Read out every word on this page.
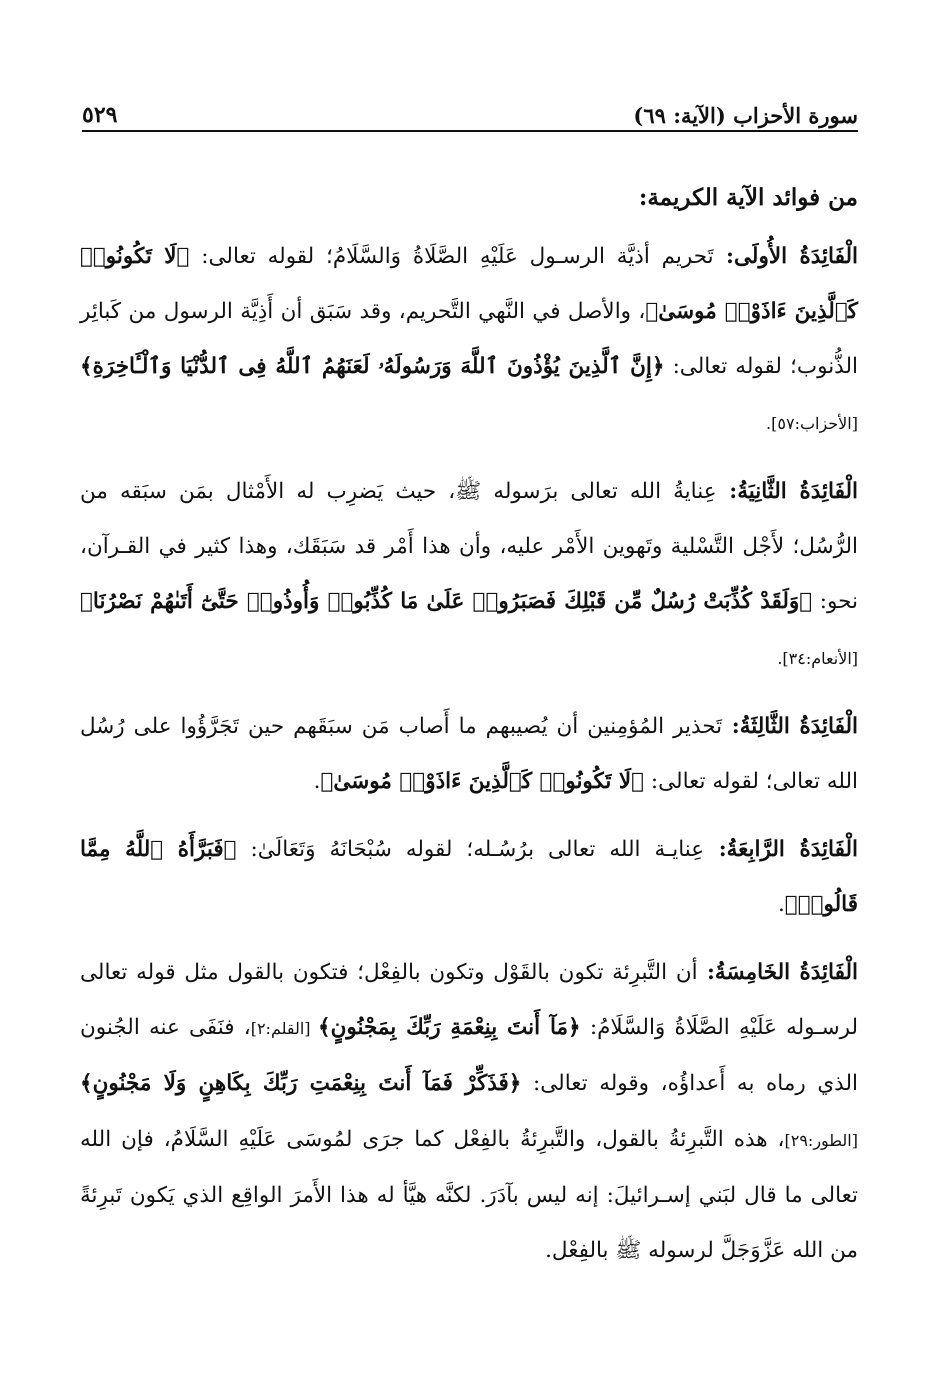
سورة الأحزاب (الآية: ٦٩)
٥٢٩
من فوائد الآية الكريمة:

الْفَائِدَةُ الأُولَى: تَحريم أذيَّة الرسـول عَلَيْهِ الصَّلَاةُ وَالسَّلَامُ؛ لقوله تعالى: ﴿لَا تَكُونُوا۟ كَٱلَّذِينَ ءَاذَوْا۟ مُوسَىٰ﴾، والأصل في النَّهي التَّحريم، وقد سَبَق أن أَذِيَّة الرسول من كَبائِر الذُّنوب؛ لقوله تعالى: ﴿إِنَّ ٱلَّذِينَ يُؤْذُونَ ٱللَّهَ وَرَسُولَهُۥ لَعَنَهُمُ ٱللَّهُ فِى ٱلدُّنْيَا وَٱلْـَٔاخِرَةِ﴾ [الأحزاب:٥٧].

الْفَائِدَةُ الثَّانِيَةُ: عِنايةُ الله تعالى برَسوله ﷺ، حيث يَضرِب له الأَمْثال بمَن سبَقه من الرُّسُل؛ لأَجْل التَّسْلية وتَهوين الأَمْر عليه، وأن هذا أَمْر قد سَبَقَك، وهذا كثير في القـرآن، نحو: ﴿وَلَقَدْ كُذِّبَتْ رُسُلٌ مِّن قَبْلِكَ فَصَبَرُوا۟ عَلَىٰ مَا كُذِّبُوا۟ وَأُوذُوا۟ حَتَّىٰٓ أَتَىٰهُمْ نَصْرُنَا﴾ [الأنعام:٣٤].

الْفَائِدَةُ الثَّالِثَةُ: تَحذير المُؤمِنين أن يُصيبهم ما أَصاب مَن سبَقَهم حين تَجَرَّؤُوا على رُسُل الله تعالى؛ لقوله تعالى: ﴿لَا تَكُونُوا۟ كَٱلَّذِينَ ءَاذَوْا۟ مُوسَىٰ﴾.

الْفَائِدَةُ الرَّابِعَةُ: عِنايـة الله تعالى برُسُـله؛ لقوله سُبْحَانَهُ وَتَعَالَىٰ: ﴿فَبَرَّأَهُ ٱللَّهُ مِمَّا قَالُوا۟﴾.

الْفَائِدَةُ الخَامِسَةُ: أن التَّبرِئة تكون بالقَوْل وتكون بالفِعْل؛ فتكون بالقول مثل قوله تعالى لرسـوله عَلَيْهِ الصَّلَاةُ وَالسَّلَامُ: ﴿مَآ أَنتَ بِنِعْمَةِ رَبِّكَ بِمَجْنُونٍ﴾ [القلم:٢]، فنَفَى عنه الجُنون الذي رماه به أَعداؤُه، وقوله تعالى: ﴿فَذَكِّرْ فَمَآ أَنتَ بِنِعْمَتِ رَبِّكَ بِكَاهِنٍ وَلَا مَجْنُونٍ﴾ [الطور:٢٩]، هذه التَّبرِئةُ بالقول، والتَّبرِئةُ بالفِعْل كما جرَى لمُوسَى عَلَيْهِ السَّلَامُ، فإن الله تعالى ما قال لبَني إسـرائيلَ: إنه ليس بآدَرَ. لكنَّه هيَّأ له هذا الأَمرَ الواقِع الذي يَكون تَبرِئةً من الله عَزَّوَجَلَّ لرسوله ﷺ بالفِعْل.
